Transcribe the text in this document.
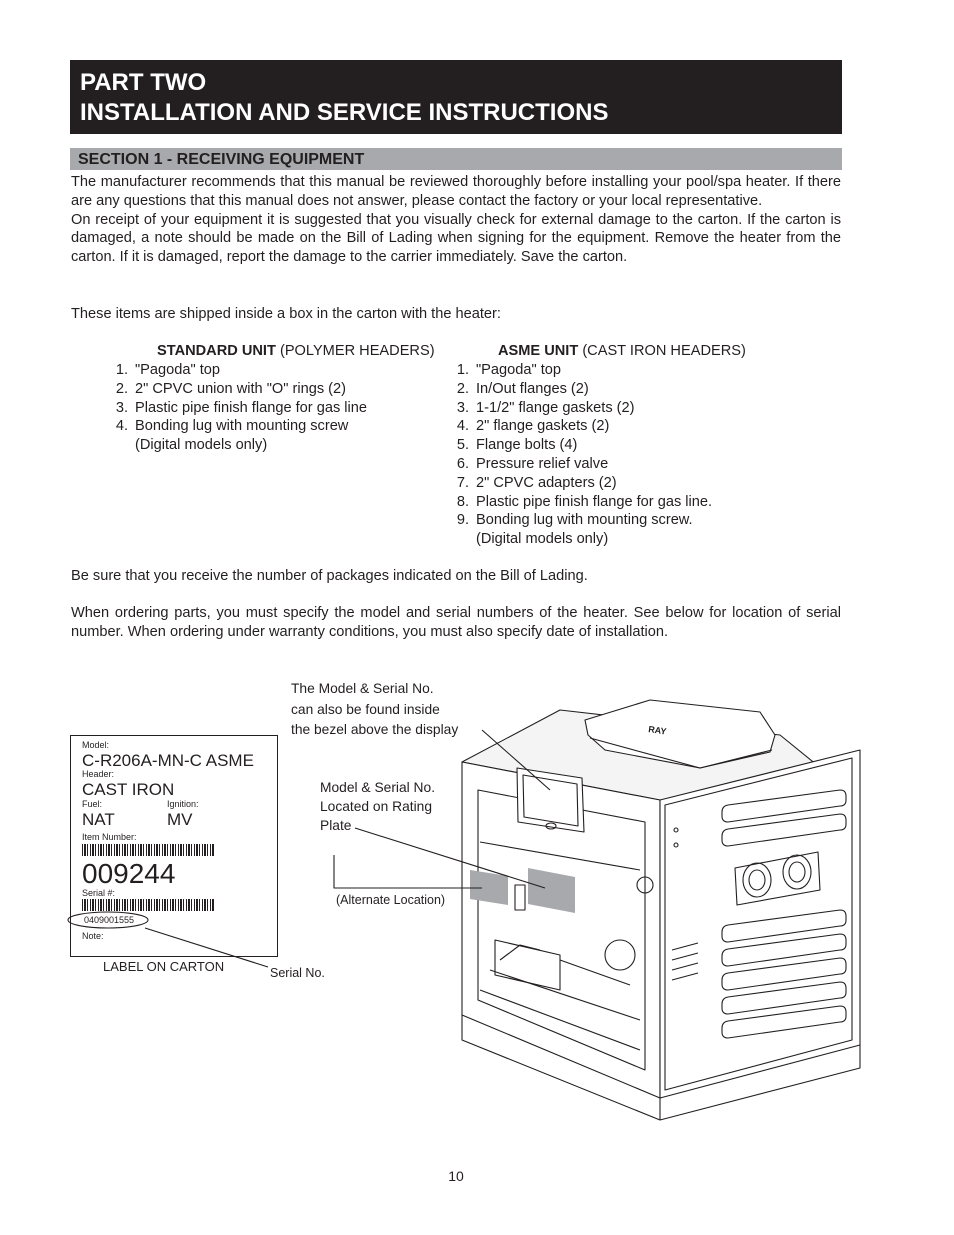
PART TWO
INSTALLATION AND SERVICE INSTRUCTIONS
SECTION 1 - RECEIVING EQUIPMENT

The manufacturer recommends that this manual be reviewed thoroughly before installing your pool/spa heater. If there are any questions that this manual does not answer, please contact the factory or your local representative.

On receipt of your equipment it is suggested that you visually check for external damage to the carton. If the carton is damaged, a note should be made on the Bill of Lading when signing for the equipment. Remove the heater from the carton. If it is damaged, report the damage to the carrier immediately. Save the carton.

These items are shipped inside a box in the carton with the heater:
STANDARD UNIT (POLYMER HEADERS)
1. "Pagoda" top
2. 2" CPVC union with "O" rings (2)
3. Plastic pipe finish flange for gas line
4. Bonding lug with mounting screw
(Digital models only)
ASME UNIT (CAST IRON HEADERS)
1. "Pagoda" top
2. In/Out flanges (2)
3. 1-1/2" flange gaskets (2)
4. 2" flange gaskets (2)
5. Flange bolts (4)
6. Pressure relief valve
7. 2" CPVC adapters (2)
8. Plastic pipe finish flange for gas line.
9. Bonding lug with mounting screw.
(Digital models only)
Be sure that you receive the number of packages indicated on the Bill of Lading.
When ordering parts, you must specify the model and serial numbers of the heater. See below for location of serial number. When ordering under warranty conditions, you must also specify date of installation.
Model:
C-R206A-MN-C ASME
Header:
CAST IRON
Fuel:	Ignition:
NAT	MV
Item Number:
009244
Serial #:
0409001555
Note:
The Model & Serial No.
can also be found inside
the bezel above the display
Model & Serial No.
Located on Rating
Plate
(Alternate Location)
LABEL ON CARTON	Serial No.
RAY
10
